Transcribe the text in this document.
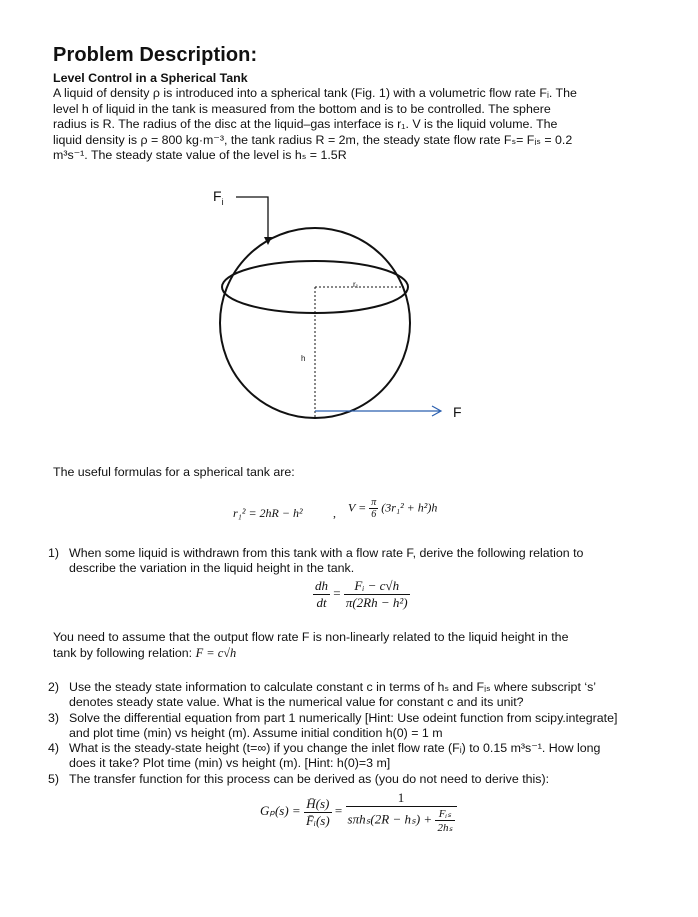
Problem Description:
Level Control in a Spherical Tank
A liquid of density ρ is introduced into a spherical tank (Fig. 1) with a volumetric flow rate Fᵢ. The
level h of liquid in the tank is measured from the bottom and is to be controlled. The sphere
radius is R. The radius of the disc at the liquid–gas interface is r₁. V is the liquid volume. The
liquid density is ρ = 800 kg·m⁻³, the tank radius R = 2m, the steady state flow rate Fₛ= Fᵢₛ = 0.2
m³s⁻¹. The steady state value of the level is hₛ = 1.5R
$F_i$
r₁
h
F
The useful formulas for a spherical tank are:
r₁² = 2hR − h²	, $V = \frac{\pi}{6} (3r_1^2 + h^2)h$
1) When some liquid is withdrawn from this tank with a flow rate F, derive the following relation to
describe the variation in the liquid height in the tank.
$\frac{dh}{dt} = \frac{\text{Fᵢ − c√h}}{\text{π(2Rh − h²)}}$
You need to assume that the output flow rate F is non-linearly related to the liquid height in the
tank by following relation: F = c√h
2) Use the steady state information to calculate constant c in terms of hₛ and Fᵢₛ where subscript ‘s’
denotes steady state value. What is the numerical value for constant c and its unit?
3) Solve the differential equation from part 1 numerically [Hint: Use odeint function from scipy.integrate]
and plot time (min) vs height (m). Assume initial condition h(0) = 1 m
4) What is the steady-state height (t=∞) if you change the inlet flow rate (Fᵢ) to 0.15 m³s⁻¹. How long
does it take? Plot time (min) vs height (m). [Hint: h(0)=3 m]
5) The transfer function for this process can be derived as (you do not need to derive this):
$G_p(s) = \frac{H̄(s)}{\text{F̄ᵢ(s)}} = \frac{1}{s\pi h_s(2R - h_s) + \frac{\text{Fᵢₛ}}{\text{2hₛ}}}$
